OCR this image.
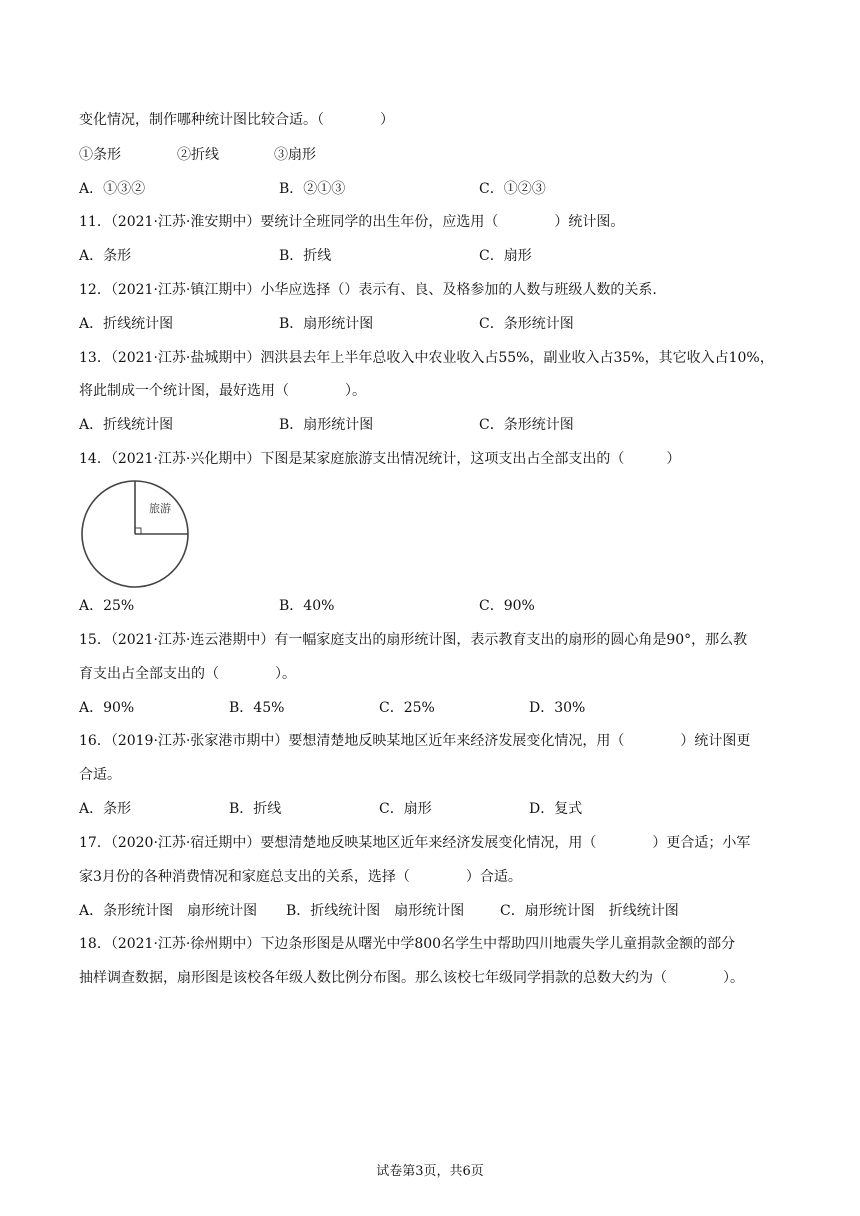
变化情况，制作哪种统计图比较合适。（　　　　）
①条形	②折线	③扇形
A．①③②	B．②①③	C．①②③
11．（2021·江苏·淮安期中）要统计全班同学的出生年份，应选用（　　　　）统计图。
A．条形	B．折线	C．扇形
12．（2021·江苏·镇江期中）小华应选择（）表示有、良、及格参加的人数与班级人数的关系.
A．折线统计图	B．扇形统计图	C．条形统计图
13．（2021·江苏·盐城期中）泗洪县去年上半年总收入中农业收入占55%，副业收入占35%，其它收入占10%，
将此制成一个统计图，最好选用（　　　　）。
A．折线统计图	B．扇形统计图	C．条形统计图
14．（2021·江苏·兴化期中）下图是某家庭旅游支出情况统计，这项支出占全部支出的（　　　）
旅游
A．25%	B．40%	C．90%
15．（2021·江苏·连云港期中）有一幅家庭支出的扇形统计图，表示教育支出的扇形的圆心角是90°，那么教
育支出占全部支出的（　　　　）。
A．90%	B．45%	C．25%	D．30%
16．（2019·江苏·张家港市期中）要想清楚地反映某地区近年来经济发展变化情况，用（　　　　）统计图更
合适。
A．条形	B．折线	C．扇形	D．复式
17．（2020·江苏·宿迁期中）要想清楚地反映某地区近年来经济发展变化情况，用（　　　　）更合适；小军
家3月份的各种消费情况和家庭总支出的关系，选择（　　　　）合适。
A．条形统计图　扇形统计图 B．折线统计图　扇形统计图	C．扇形统计图　折线统计图
18．（2021·江苏·徐州期中）下边条形图是从曙光中学800名学生中帮助四川地震失学儿童捐款金额的部分
抽样调查数据，扇形图是该校各年级人数比例分布图。那么该校七年级同学捐款的总数大约为（　　　　）。
试卷第3页，共6页
